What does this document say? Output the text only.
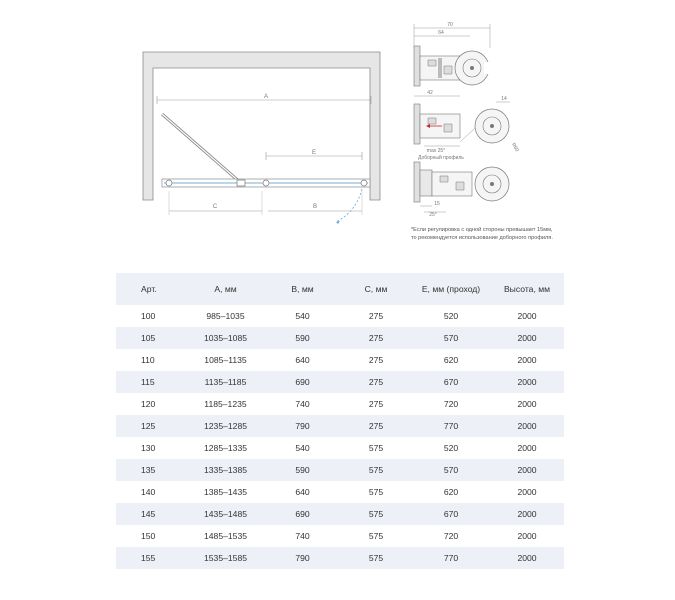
A
E
C	B
70
64
42
14
max 25°	R60
Доборный профиль
15
25°
*Если регулировка с одной стороны превышает 15мм,
то рекомендуется использование доборного профиля.
Арт.	А, мм	В, мм	С, мм	Е, мм (проход)	Высота, мм
100	985–1035	540	275	520	2000
105	1035–1085	590	275	570	2000
110	1085–1135	640	275	620	2000
115	1135–1185	690	275	670	2000
120	1185–1235	740	275	720	2000
125	1235–1285	790	275	770	2000
130	1285–1335	540	575	520	2000
135	1335–1385	590	575	570	2000
140	1385–1435	640	575	620	2000
145	1435–1485	690	575	670	2000
150	1485–1535	740	575	720	2000
155	1535–1585	790	575	770	2000
